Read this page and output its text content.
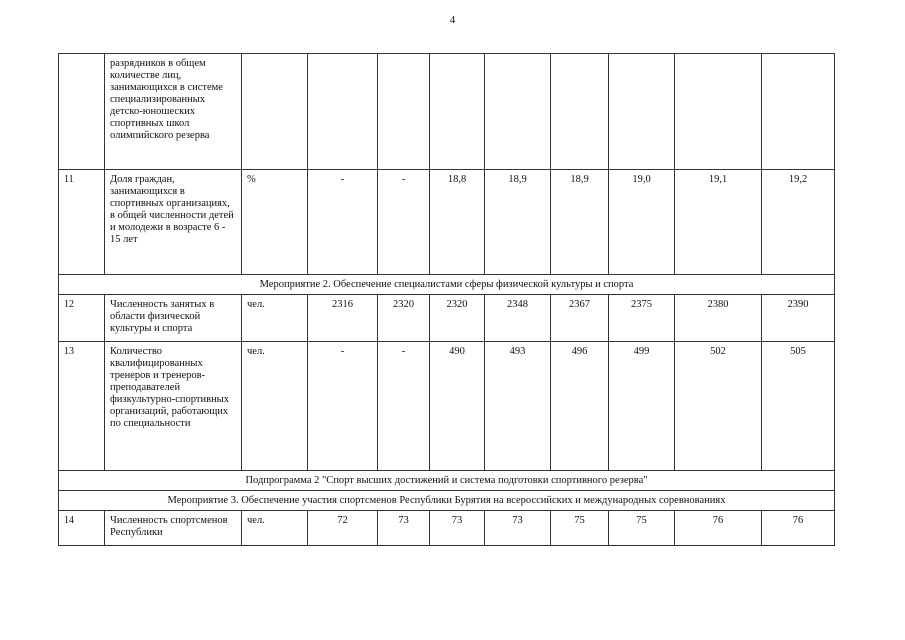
4
	разрядников в общем количестве лиц, занимающихся в системе специализированных детско-юношеских спортивных школ олимпийского резерва									
11	Доля граждан, занимающихся в спортивных организациях, в общей численности детей и молодежи в возрасте 6 - 15 лет	%	-	-	18,8	18,9	18,9	19,0	19,1	19,2
Мероприятие 2. Обеспечение специалистами сферы физической культуры и спорта										
12	Численность занятых в области физической культуры и спорта	чел.	2316	2320	2320	2348	2367	2375	2380	2390
13	Количество квалифицированных тренеров и тренеров-преподавателей физкультурно-спортивных организаций, работающих по специальности	чел.	-	-	490	493	496	499	502	505
Подпрограмма 2 "Спорт высших достижений и система подготовки спортивного резерва"										
Мероприятие 3. Обеспечение участия спортсменов Республики Бурятия на всероссийских и международных соревнованиях										
14	Численность спортсменов Республики	чел.	72	73	73	73	75	75	76	76
